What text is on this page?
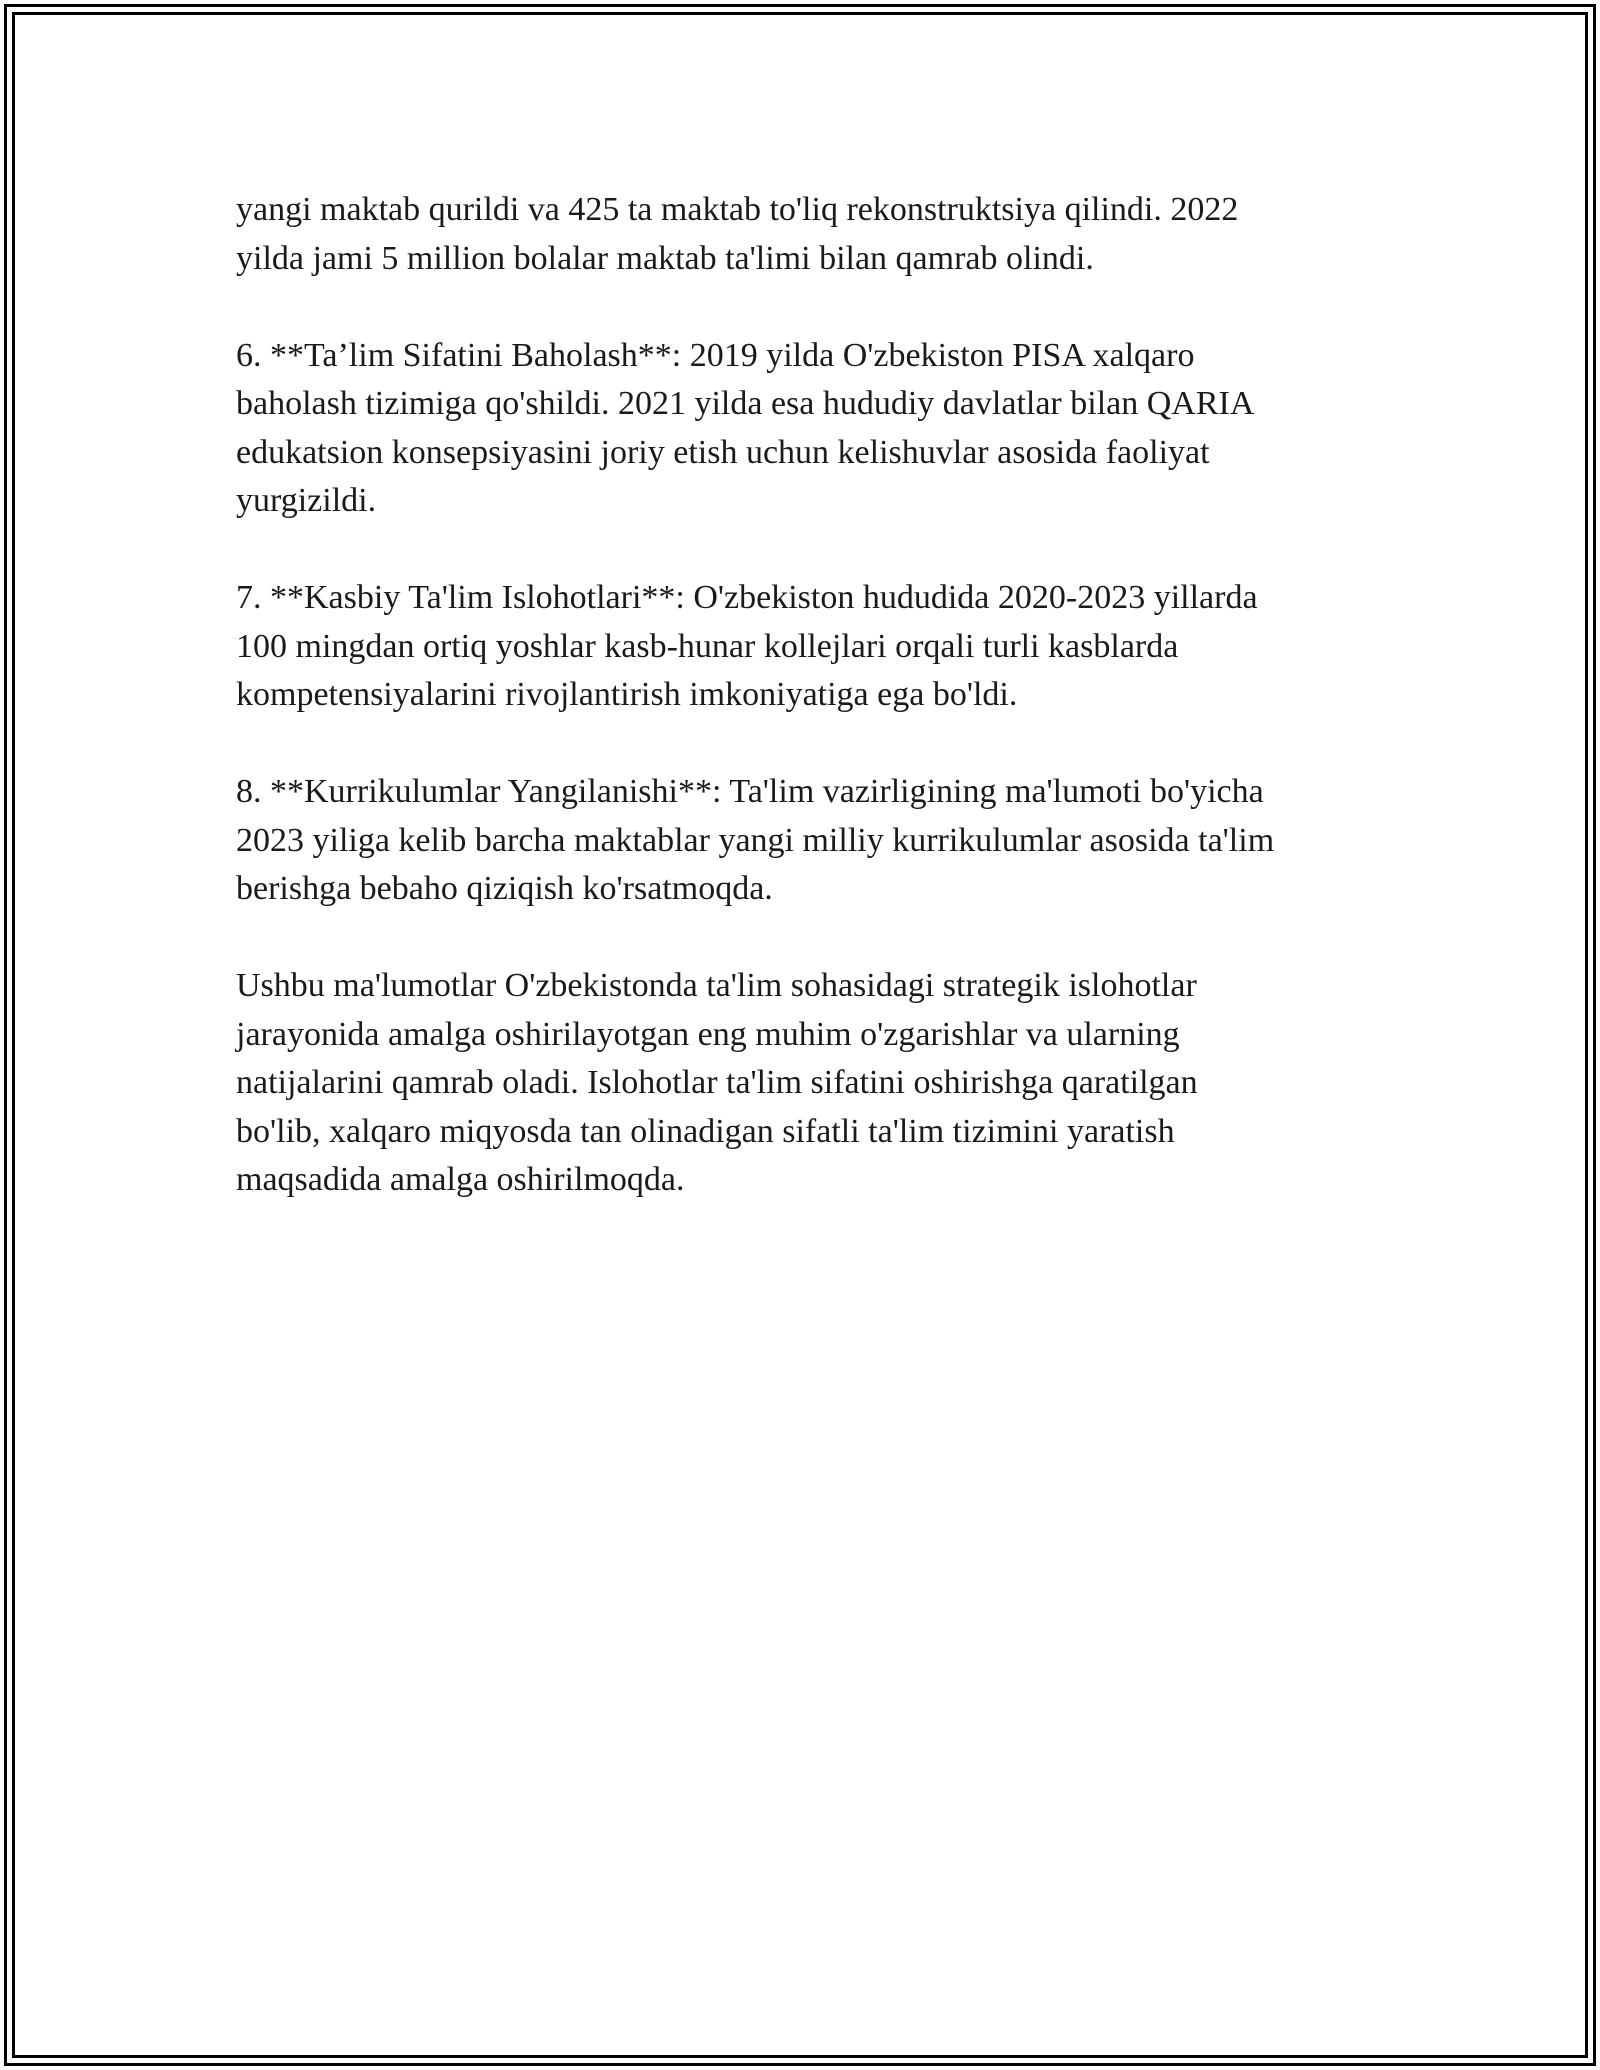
yangi maktab qurildi va 425 ta maktab to'liq rekonstruktsiya qilindi. 2022
yilda jami 5 million bolalar maktab ta'limi bilan qamrab olindi.

6. **Ta’lim Sifatini Baholash**: 2019 yilda O'zbekiston PISA xalqaro
baholash tizimiga qo'shildi. 2021 yilda esa hududiy davlatlar bilan QARIA
edukatsion konsepsiyasini joriy etish uchun kelishuvlar asosida faoliyat
yurgizildi.

7. **Kasbiy Ta'lim Islohotlari**: O'zbekiston hududida 2020-2023 yillarda
100 mingdan ortiq yoshlar kasb-hunar kollejlari orqali turli kasblarda
kompetensiyalarini rivojlantirish imkoniyatiga ega bo'ldi.

8. **Kurrikulumlar Yangilanishi**: Ta'lim vazirligining ma'lumoti bo'yicha
2023 yiliga kelib barcha maktablar yangi milliy kurrikulumlar asosida ta'lim
berishga bebaho qiziqish ko'rsatmoqda.

Ushbu ma'lumotlar O'zbekistonda ta'lim sohasidagi strategik islohotlar
jarayonida amalga oshirilayotgan eng muhim o'zgarishlar va ularning
natijalarini qamrab oladi. Islohotlar ta'lim sifatini oshirishga qaratilgan
bo'lib, xalqaro miqyosda tan olinadigan sifatli ta'lim tizimini yaratish
maqsadida amalga oshirilmoqda.
